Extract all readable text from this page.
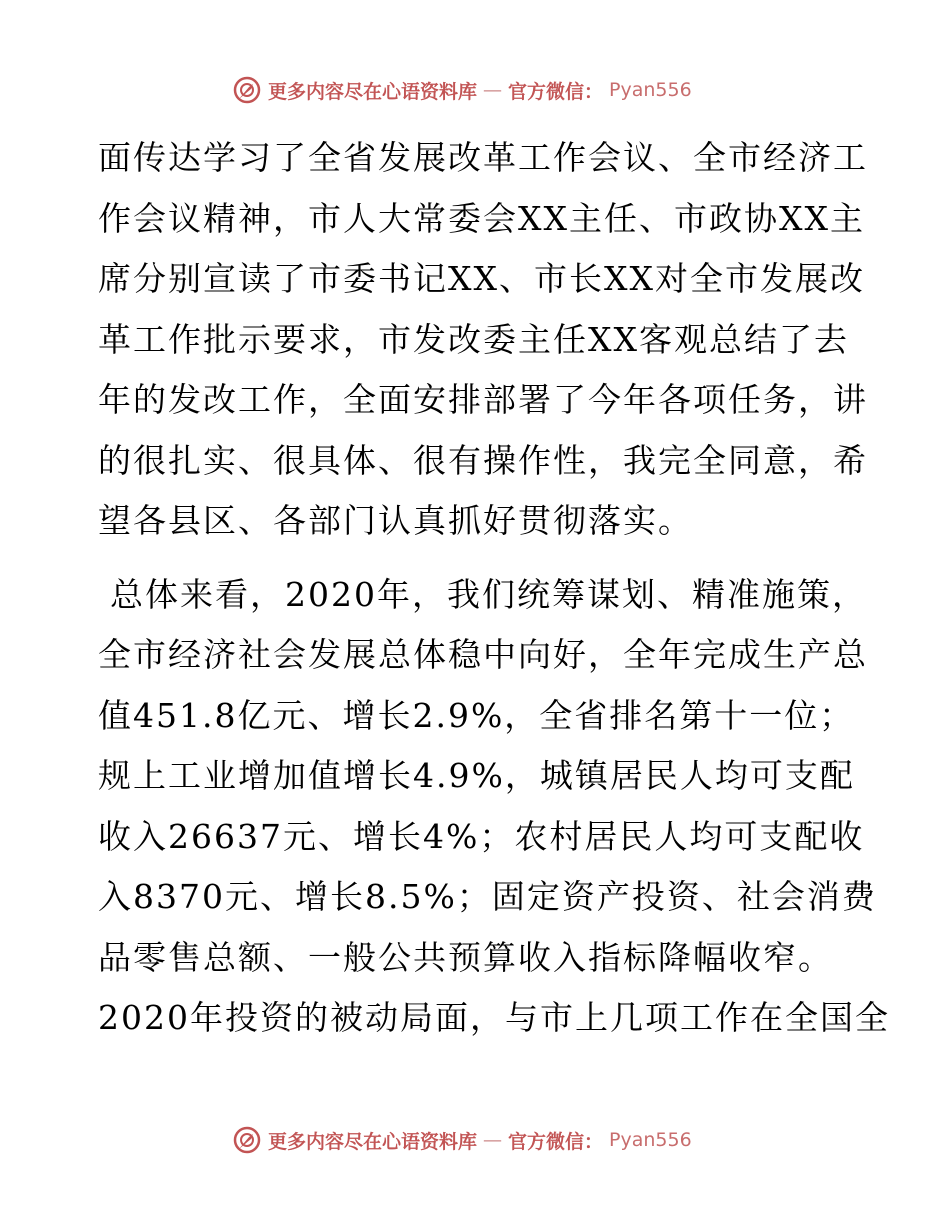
更多内容尽在心语资料库 — 官方微信： Pyan556
面传达学习了全省发展改革工作会议、全市经济工
作会议精神，市人大常委会XX主任、市政协XX主
席分别宣读了市委书记XX、市长XX对全市发展改
革工作批示要求，市发改委主任XX客观总结了去
年的发改工作，全面安排部署了今年各项任务，讲
的很扎实、很具体、很有操作性，我完全同意，希
望各县区、各部门认真抓好贯彻落实。
总体来看，2020年，我们统筹谋划、精准施策，
全市经济社会发展总体稳中向好，全年完成生产总
值451.8亿元、增长2.9%，全省排名第十一位；
规上工业增加值增长4.9%，城镇居民人均可支配
收入26637元、增长4%；农村居民人均可支配收
入8370元、增长8.5%；固定资产投资、社会消费
品零售总额、一般公共预算收入指标降幅收窄。
2020年投资的被动局面，与市上几项工作在全国全
更多内容尽在心语资料库 — 官方微信： Pyan556
